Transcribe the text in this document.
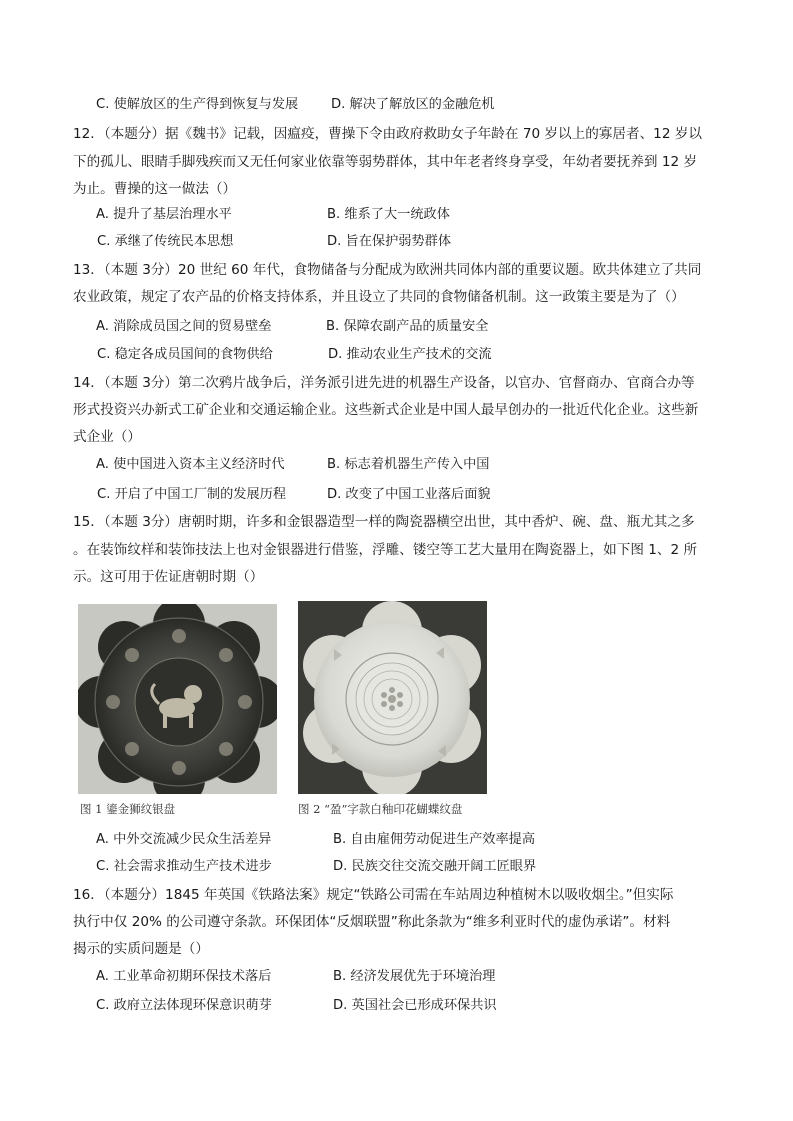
C. 使解放区的生产得到恢复与发展 D. 解决了解放区的金融危机
12．（本题分）据《魏书》记载，因瘟疫，曹操下令由政府救助女子年龄在 70 岁以上的寡居者、12 岁以
下的孤儿、眼睛手脚残疾而又无任何家业依靠等弱势群体，其中年老者终身享受，年幼者要抚养到 12 岁
为止。曹操的这一做法（）
A. 提升了基层治理水平	B. 维系了大一统政体
C. 承继了传统民本思想	D. 旨在保护弱势群体
13．（本题 3分）20 世纪 60 年代，食物储备与分配成为欧洲共同体内部的重要议题。欧共体建立了共同
农业政策，规定了农产品的价格支持体系，并且设立了共同的食物储备机制。这一政策主要是为了（）
A. 消除成员国之间的贸易壁垒	B. 保障农副产品的质量安全
C. 稳定各成员国间的食物供给	D. 推动农业生产技术的交流
14．（本题 3分）第二次鸦片战争后，洋务派引进先进的机器生产设备，以官办、官督商办、官商合办等
形式投资兴办新式工矿企业和交通运输企业。这些新式企业是中国人最早创办的一批近代化企业。这些新
式企业（）
A. 使中国进入资本主义经济时代	B. 标志着机器生产传入中国
C. 开启了中国工厂制的发展历程	D. 改变了中国工业落后面貌
15．（本题 3分）唐朝时期，许多和金银器造型一样的陶瓷器横空出世，其中香炉、碗、盘、瓶尤其之多
。在装饰纹样和装饰技法上也对金银器进行借鉴，浮雕、镂空等工艺大量用在陶瓷器上，如下图 1、2 所
示。这可用于佐证唐朝时期（）
图 1 鎏金狮纹银盘	图 2 “盈”字款白釉印花蝴蝶纹盘
A. 中外交流减少民众生活差异	B. 自由雇佣劳动促进生产效率提高
C. 社会需求推动生产技术进步	D. 民族交往交流交融开阔工匠眼界
16．（本题分）1845 年英国《铁路法案》规定“铁路公司需在车站周边种植树木以吸收烟尘。”但实际
执行中仅 20% 的公司遵守条款。环保团体“反烟联盟”称此条款为“维多利亚时代的虚伪承诺”。材料
揭示的实质问题是（）
A. 工业革命初期环保技术落后	B. 经济发展优先于环境治理
C. 政府立法体现环保意识萌芽	D. 英国社会已形成环保共识
